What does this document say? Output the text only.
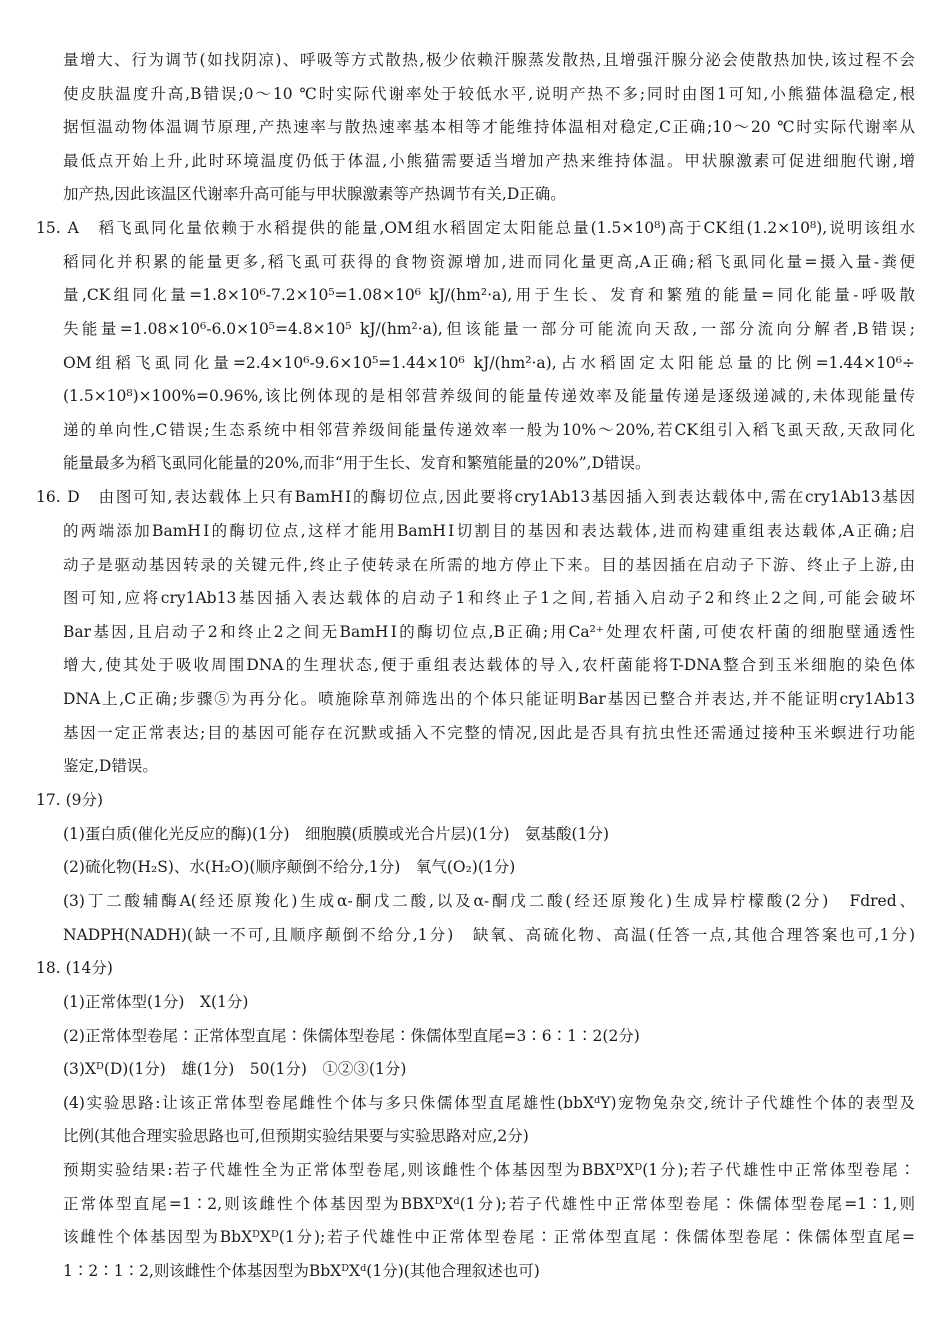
量增大、行为调节(如找阴凉)、呼吸等方式散热,极少依赖汗腺蒸发散热,且增强汗腺分泌会使散热加快,该过程不会
使皮肤温度升高,B错误;0～10 ℃时实际代谢率处于较低水平,说明产热不多;同时由图1可知,小熊猫体温稳定,根
据恒温动物体温调节原理,产热速率与散热速率基本相等才能维持体温相对稳定,C正确;10～20 ℃时实际代谢率从
最低点开始上升,此时环境温度仍低于体温,小熊猫需要适当增加产热来维持体温。甲状腺激素可促进细胞代谢,增
加产热,因此该温区代谢率升高可能与甲状腺激素等产热调节有关,D正确。
15. A　稻飞虱同化量依赖于水稻提供的能量,OM组水稻固定太阳能总量(1.5×10⁸)高于CK组(1.2×10⁸),说明该组水
稻同化并积累的能量更多,稻飞虱可获得的食物资源增加,进而同化量更高,A正确;稻飞虱同化量=摄入量-粪便
量,CK组同化量=1.8×10⁶-7.2×10⁵=1.08×10⁶ kJ/(hm²·a),用于生长、发育和繁殖的能量=同化能量-呼吸散
失能量=1.08×10⁶-6.0×10⁵=4.8×10⁵ kJ/(hm²·a),但该能量一部分可能流向天敌,一部分流向分解者,B错误;
OM组稻飞虱同化量=2.4×10⁶-9.6×10⁵=1.44×10⁶ kJ/(hm²·a),占水稻固定太阳能总量的比例=1.44×10⁶÷
(1.5×10⁸)×100%=0.96%,该比例体现的是相邻营养级间的能量传递效率及能量传递是逐级递减的,未体现能量传
递的单向性,C错误;生态系统中相邻营养级间能量传递效率一般为10%～20%,若CK组引入稻飞虱天敌,天敌同化
能量最多为稻飞虱同化能量的20%,而非“用于生长、发育和繁殖能量的20%”,D错误。
16. D　由图可知,表达载体上只有BamHⅠ的酶切位点,因此要将cry1Ab13基因插入到表达载体中,需在cry1Ab13基因
的两端添加BamHⅠ的酶切位点,这样才能用BamHⅠ切割目的基因和表达载体,进而构建重组表达载体,A正确;启
动子是驱动基因转录的关键元件,终止子使转录在所需的地方停止下来。目的基因插在启动子下游、终止子上游,由
图可知,应将cry1Ab13基因插入表达载体的启动子1和终止子1之间,若插入启动子2和终止2之间,可能会破坏
Bar基因,且启动子2和终止2之间无BamHⅠ的酶切位点,B正确;用Ca²⁺处理农杆菌,可使农杆菌的细胞壁通透性
增大,使其处于吸收周围DNA的生理状态,便于重组表达载体的导入,农杆菌能将T-DNA整合到玉米细胞的染色体
DNA上,C正确;步骤⑤为再分化。喷施除草剂筛选出的个体只能证明Bar基因已整合并表达,并不能证明cry1Ab13
基因一定正常表达;目的基因可能存在沉默或插入不完整的情况,因此是否具有抗虫性还需通过接种玉米螟进行功能
鉴定,D错误。
17. (9分)
(1)蛋白质(催化光反应的酶)(1分)　细胞膜(质膜或光合片层)(1分)　氨基酸(1分)
(2)硫化物(H₂S)、水(H₂O)(顺序颠倒不给分,1分)　氧气(O₂)(1分)
(3)丁二酸辅酶A(经还原羧化)生成α-酮戊二酸,以及α-酮戊二酸(经还原羧化)生成异柠檬酸(2分)　Fdred、
NADPH(NADH)(缺一不可,且顺序颠倒不给分,1分)　缺氧、高硫化物、高温(任答一点,其他合理答案也可,1分)
18. (14分)
(1)正常体型(1分)　X(1分)
(2)正常体型卷尾∶正常体型直尾∶侏儒体型卷尾∶侏儒体型直尾=3∶6∶1∶2(2分)
(3)Xᴰ(D)(1分)　雄(1分)　50(1分)　①②③(1分)
(4)实验思路:让该正常体型卷尾雌性个体与多只侏儒体型直尾雄性(bbXᵈY)宠物兔杂交,统计子代雄性个体的表型及
比例(其他合理实验思路也可,但预期实验结果要与实验思路对应,2分)
预期实验结果:若子代雄性全为正常体型卷尾,则该雌性个体基因型为BBXᴰXᴰ(1分);若子代雄性中正常体型卷尾∶
正常体型直尾=1∶2,则该雌性个体基因型为BBXᴰXᵈ(1分);若子代雄性中正常体型卷尾∶侏儒体型卷尾=1∶1,则
该雌性个体基因型为BbXᴰXᴰ(1分);若子代雄性中正常体型卷尾∶正常体型直尾∶侏儒体型卷尾∶侏儒体型直尾=
1∶2∶1∶2,则该雌性个体基因型为BbXᴰXᵈ(1分)(其他合理叙述也可)
